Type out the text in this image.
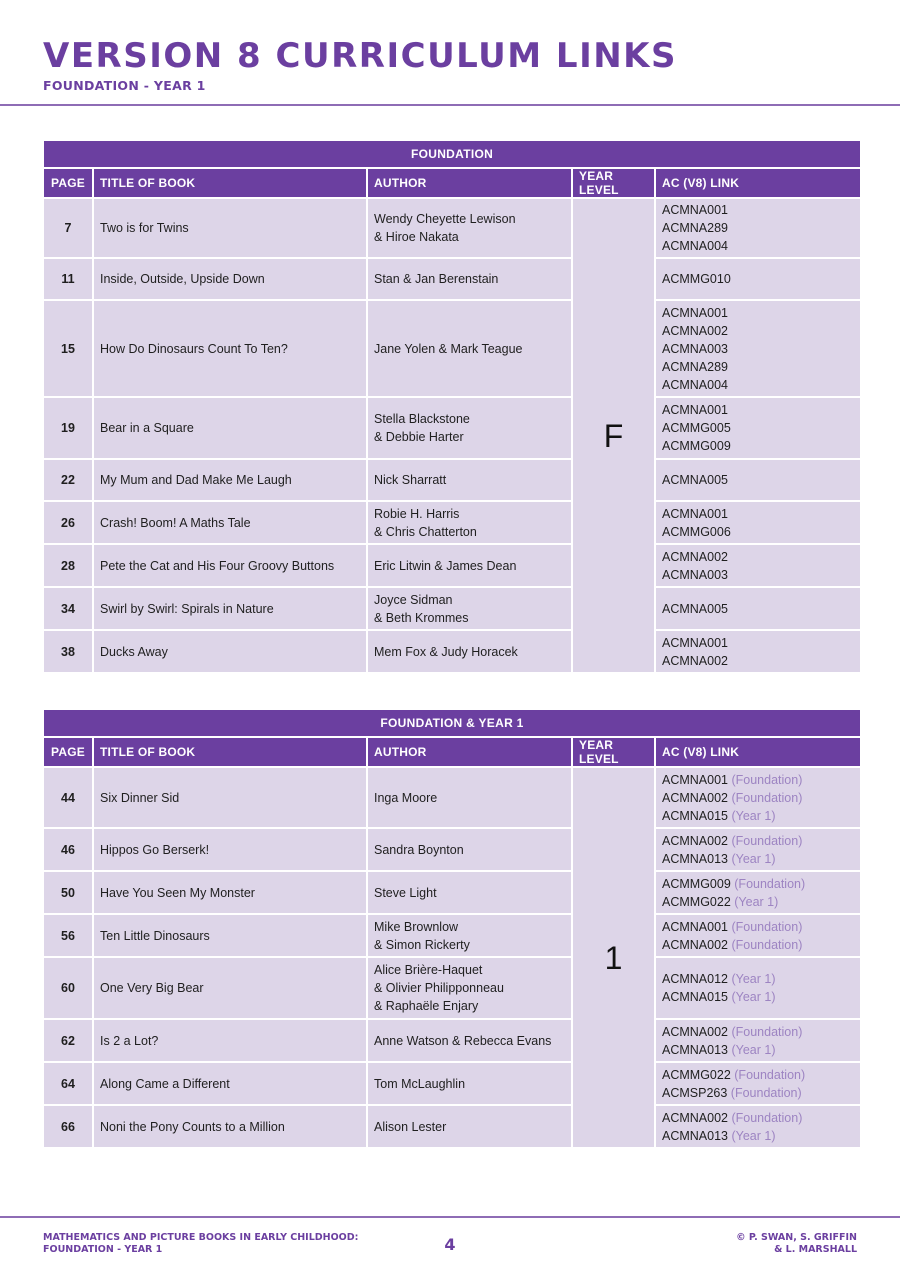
VERSION 8 CURRICULUM LINKS
FOUNDATION - YEAR 1
FOUNDATION				
PAGE	TITLE OF BOOK	AUTHOR	YEAR LEVEL	AC (V8) LINK
7	Two is for Twins	Wendy Cheyette Lewison
& Hiroe Nakata	F	ACMNA001
ACMNA289
ACMNA004

11	Inside, Outside, Upside Down	Stan & Jan Berenstain		ACMMG010

15	How Do Dinosaurs Count To Ten?	Jane Yolen & Mark Teague		ACMNA001
ACMNA002
ACMNA003
ACMNA289
ACMNA004

19	Bear in a Square	Stella Blackstone
& Debbie Harter		ACMNA001
ACMMG005
ACMMG009

22	My Mum and Dad Make Me Laugh	Nick Sharratt		ACMNA005

26	Crash! Boom! A Maths Tale	Robie H. Harris
& Chris Chatterton		ACMNA001
ACMMG006

28	Pete the Cat and His Four Groovy Buttons	Eric Litwin & James Dean		ACMNA002
ACMNA003

34	Swirl by Swirl: Spirals in Nature	Joyce Sidman
& Beth Krommes		ACMNA005

38	Ducks Away	Mem Fox & Judy Horacek		ACMNA001
ACMNA002
FOUNDATION & YEAR 1				
PAGE	TITLE OF BOOK	AUTHOR	YEAR LEVEL	AC (V8) LINK
44	Six Dinner Sid	Inga Moore	1	ACMNA001 (Foundation)
ACMNA002 (Foundation)
ACMNA015 (Year 1)

46	Hippos Go Berserk!	Sandra Boynton		ACMNA002 (Foundation)
ACMNA013 (Year 1)

50	Have You Seen My Monster	Steve Light		ACMMG009 (Foundation)
ACMMG022 (Year 1)

56	Ten Little Dinosaurs	Mike Brownlow
& Simon Rickerty		ACMNA001 (Foundation)
ACMNA002 (Foundation)

60	One Very Big Bear	Alice Brière-Haquet
& Olivier Philipponneau
& Raphaële Enjary		ACMNA012 (Year 1)
ACMNA015 (Year 1)

62	Is 2 a Lot?	Anne Watson & Rebecca Evans		ACMNA002 (Foundation)
ACMNA013 (Year 1)

64	Along Came a Different	Tom McLaughlin		ACMMG022 (Foundation)
ACMSP263 (Foundation)

66	Noni the Pony Counts to a Million	Alison Lester		ACMNA002 (Foundation)
ACMNA013 (Year 1)
MATHEMATICS AND PICTURE BOOKS IN EARLY CHILDHOOD:
FOUNDATION - YEAR 1	4	© P. SWAN, S. GRIFFIN
& L. MARSHALL
